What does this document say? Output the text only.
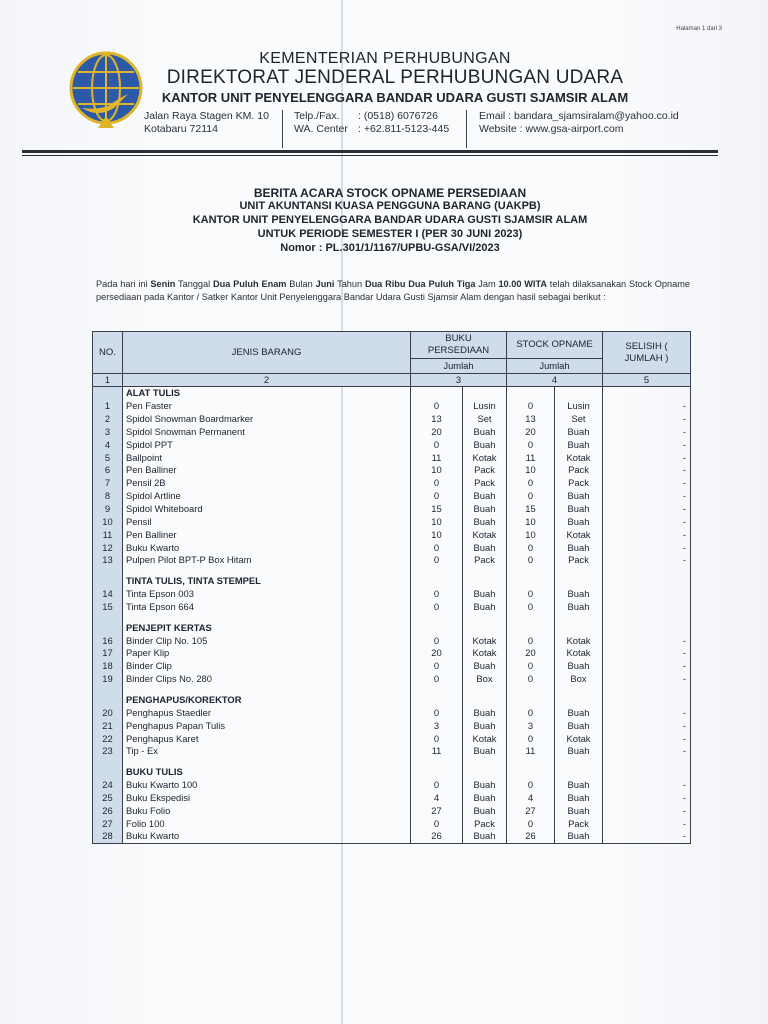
Halaman 1 dari 3
KEMENTERIAN PERHUBUNGAN
DIREKTORAT JENDERAL PERHUBUNGAN UDARA
KANTOR UNIT PENYELENGGARA BANDAR UDARA GUSTI SJAMSIR ALAM
Jalan Raya Stagen KM. 10
Kotabaru 72114
Telp./Fax.
WA. Center
: (0518) 6076726
: +62.811-5123-445
Email : bandara_sjamsiralam@yahoo.co.id
Website : www.gsa-airport.com
BERITA ACARA STOCK OPNAME PERSEDIAAN
UNIT AKUNTANSI KUASA PENGGUNA BARANG (UAKPB)
KANTOR UNIT PENYELENGGARA BANDAR UDARA GUSTI SJAMSIR ALAM
UNTUK PERIODE SEMESTER I (PER 30 JUNI 2023)
Nomor : PL.301/1/1167/UPBU-GSA/VI/2023
Pada hari ini Senin Tanggal Dua Puluh Enam Bulan Juni Tahun Dua Ribu Dua Puluh Tiga Jam 10.00 WITA telah dilaksanakan Stock Opname persediaan pada Kantor / Satker Kantor Unit Penyelenggara Bandar Udara Gusti Sjamsir Alam dengan hasil sebagai berikut :
NO.	JENIS BARANG	BUKU PERSEDIAAN		STOCK OPNAME		SELISIH ( JUMLAH )
		Jumlah		Jumlah		
1	2	3		4		5
	ALAT TULIS					
1	Pen Faster	0	Lusin	0	Lusin	-
2	Spidol Snowman Boardmarker	13	Set	13	Set	-
3	Spidol Snowman Permanent	20	Buah	20	Buah	-
4	Spidol PPT	0	Buah	0	Buah	-
5	Ballpoint	11	Kotak	11	Kotak	-
6	Pen Balliner	10	Pack	10	Pack	-
7	Pensil 2B	0	Pack	0	Pack	-
8	Spidol Artline	0	Buah	0	Buah	-
9	Spidol Whiteboard	15	Buah	15	Buah	-
10	Pensil	10	Buah	10	Buah	-
11	Pen Balliner	10	Kotak	10	Kotak	-
12	Buku Kwarto	0	Buah	0	Buah	-
13	Pulpen Pilot BPT-P Box Hitam	0	Pack	0	Pack	-

	TINTA TULIS, TINTA STEMPEL					
14	Tinta Epson 003	0	Buah	0	Buah	
15	Tinta Epson 664	0	Buah	0	Buah	

	PENJEPIT KERTAS					
16	Binder Clip No. 105	0	Kotak	0	Kotak	-
17	Paper Klip	20	Kotak	20	Kotak	-
18	Binder Clip	0	Buah	0	Buah	-
19	Binder Clips No. 280	0	Box	0	Box	-

	PENGHAPUS/KOREKTOR					
20	Penghapus Staedler	0	Buah	0	Buah	-
21	Penghapus Papan Tulis	3	Buah	3	Buah	-
22	Penghapus Karet	0	Kotak	0	Kotak	-
23	Tip - Ex	11	Buah	11	Buah	-

	BUKU TULIS					
24	Buku Kwarto 100	0	Buah	0	Buah	-
25	Buku Ekspedisi	4	Buah	4	Buah	-
26	Buku Folio	27	Buah	27	Buah	-
27	Folio 100	0	Pack	0	Pack	-
28	Buku Kwarto	26	Buah	26	Buah	-
